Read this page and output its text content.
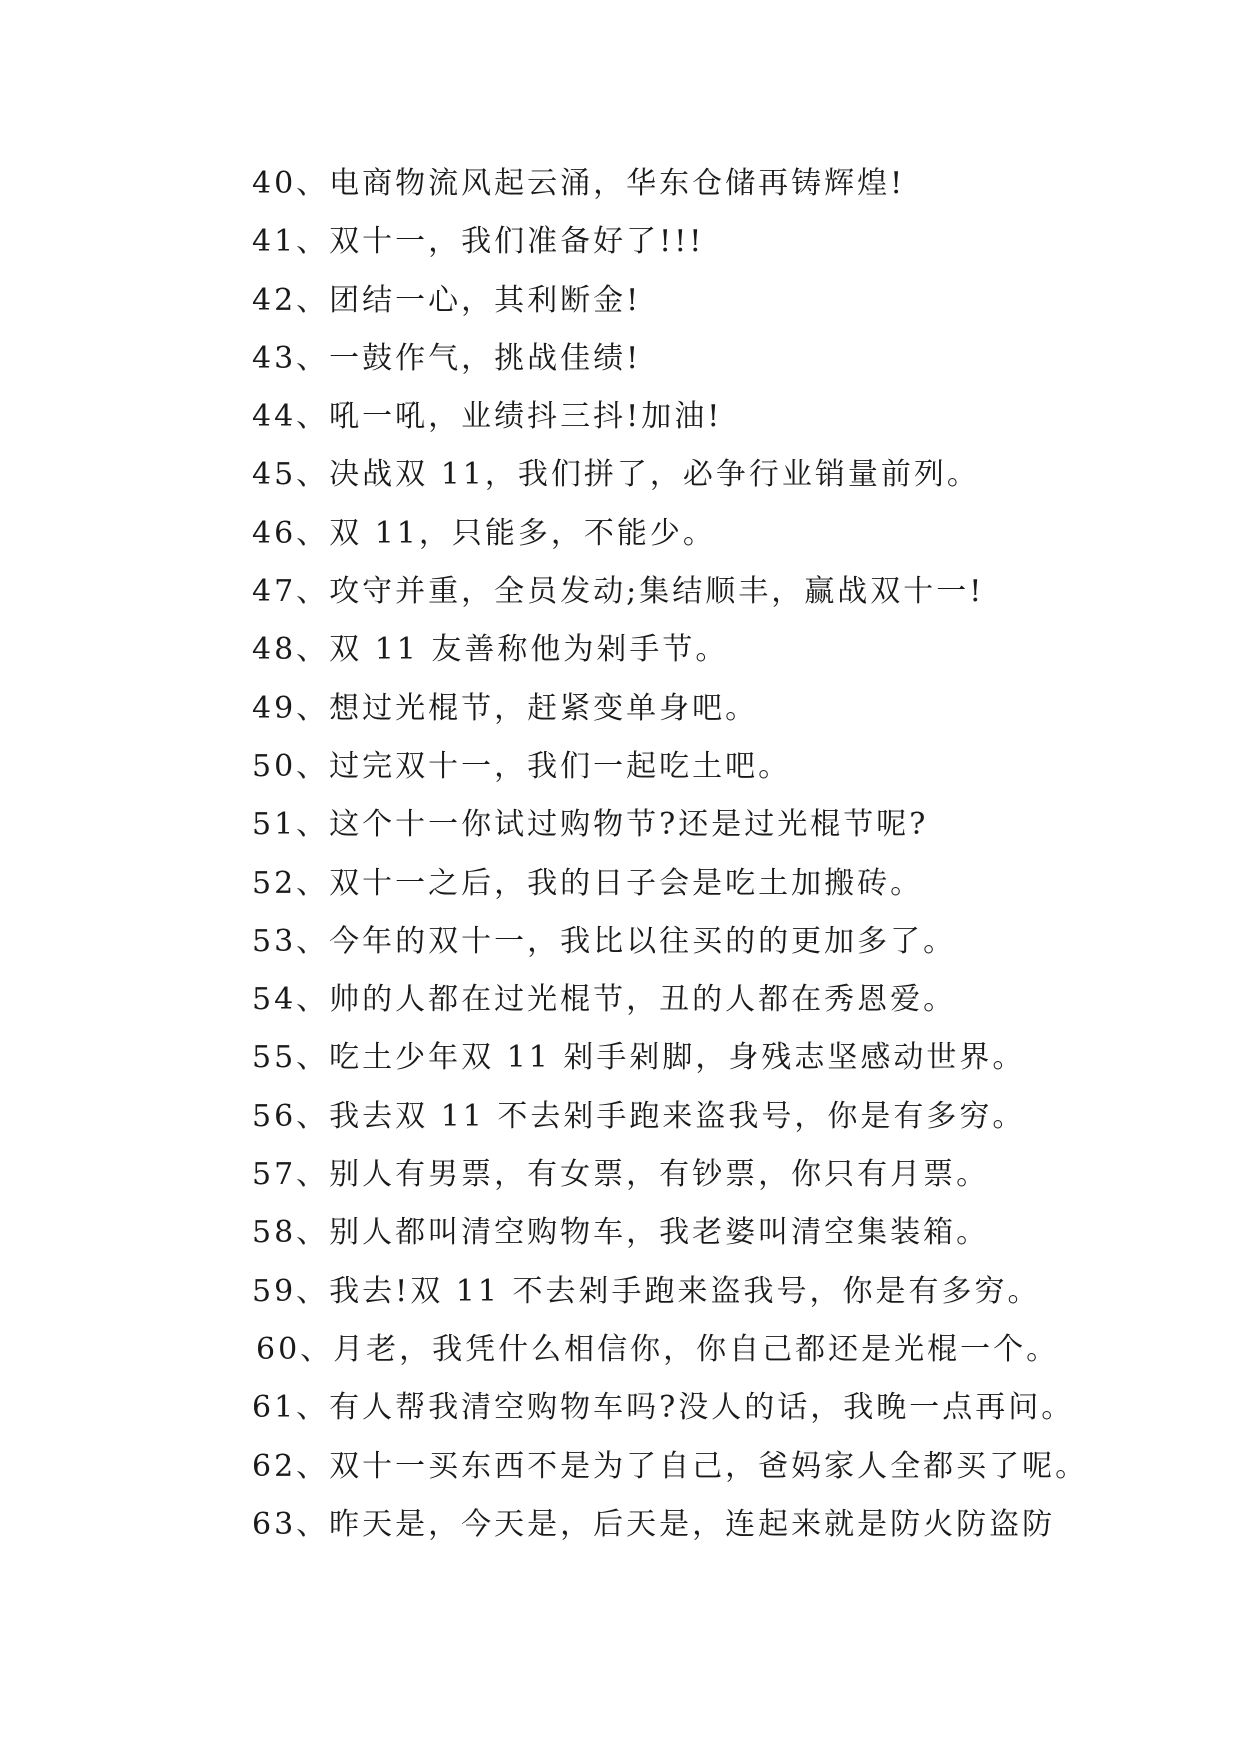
40、电商物流风起云涌，华东仓储再铸辉煌!
41、双十一，我们准备好了!!!
42、团结一心，其利断金!
43、一鼓作气，挑战佳绩!
44、吼一吼，业绩抖三抖!加油!
45、决战双 11，我们拼了，必争行业销量前列。
46、双 11，只能多，不能少。
47、攻守并重，全员发动;集结顺丰，赢战双十一!
48、双 11 友善称他为剁手节。
49、想过光棍节，赶紧变单身吧。
50、过完双十一，我们一起吃土吧。
51、这个十一你试过购物节?还是过光棍节呢?
52、双十一之后，我的日子会是吃土加搬砖。
53、今年的双十一，我比以往买的的更加多了。
54、帅的人都在过光棍节，丑的人都在秀恩爱。
55、吃土少年双 11 剁手剁脚，身残志坚感动世界。
56、我去双 11 不去剁手跑来盗我号，你是有多穷。
57、别人有男票，有女票，有钞票，你只有月票。
58、别人都叫清空购物车，我老婆叫清空集装箱。
59、我去!双 11 不去剁手跑来盗我号，你是有多穷。
60、月老，我凭什么相信你，你自己都还是光棍一个。
61、有人帮我清空购物车吗?没人的话，我晚一点再问。
62、双十一买东西不是为了自己，爸妈家人全都买了呢。
63、昨天是，今天是，后天是，连起来就是防火防盗防
